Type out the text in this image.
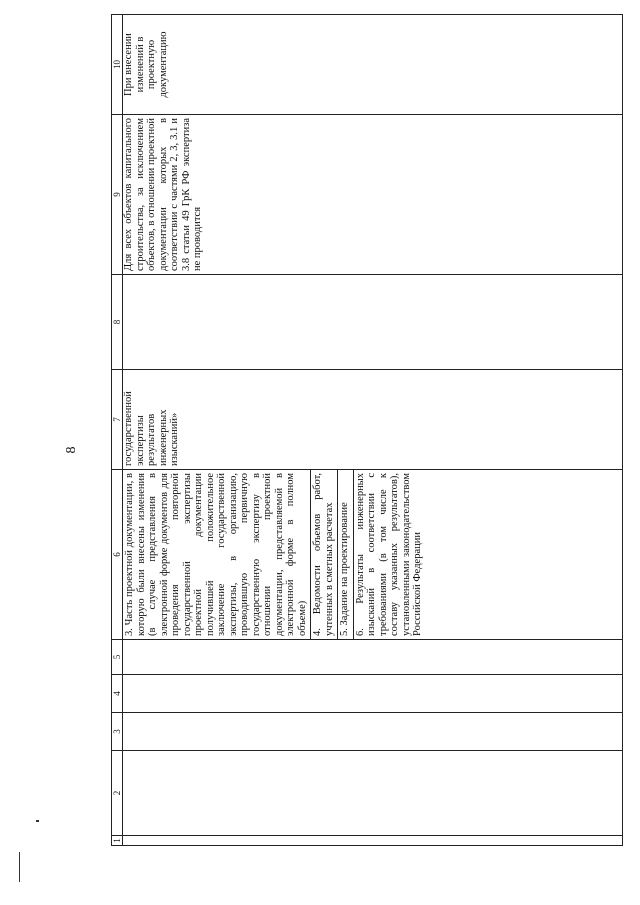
8
1	2	3	4	5	6	7	8	9	10

					3. Часть проектной документации, в которую были внесены изменения (в случае представления в электронной форме документов для проведения повторной государственной экспертизы проектной документации получившей положительное заключение государственной экспертизы, в организацию, проводившую первичную государственную экспертизу в отношении проектной документации, представляемой в электронной форме в полном объеме) 4. Ведомости объемов работ, учтенных в сметных расчетах 5. Задание на проектирование 6. Результаты инженерных изысканий в соответствии с требованиями (в том числе к составу указанных результатов), установленными законодательством Российской Федерации	государственной экспертизы результатов инженерных изысканий»		Для всех объектов капитального строительства, за исключением объектов, в отношении проектной документации которых в соответствии с частями 2, 3, 3.1 и 3.8 статьи 49 ГрК РФ экспертиза не проводится	При внесении изменений в проектную документацию
